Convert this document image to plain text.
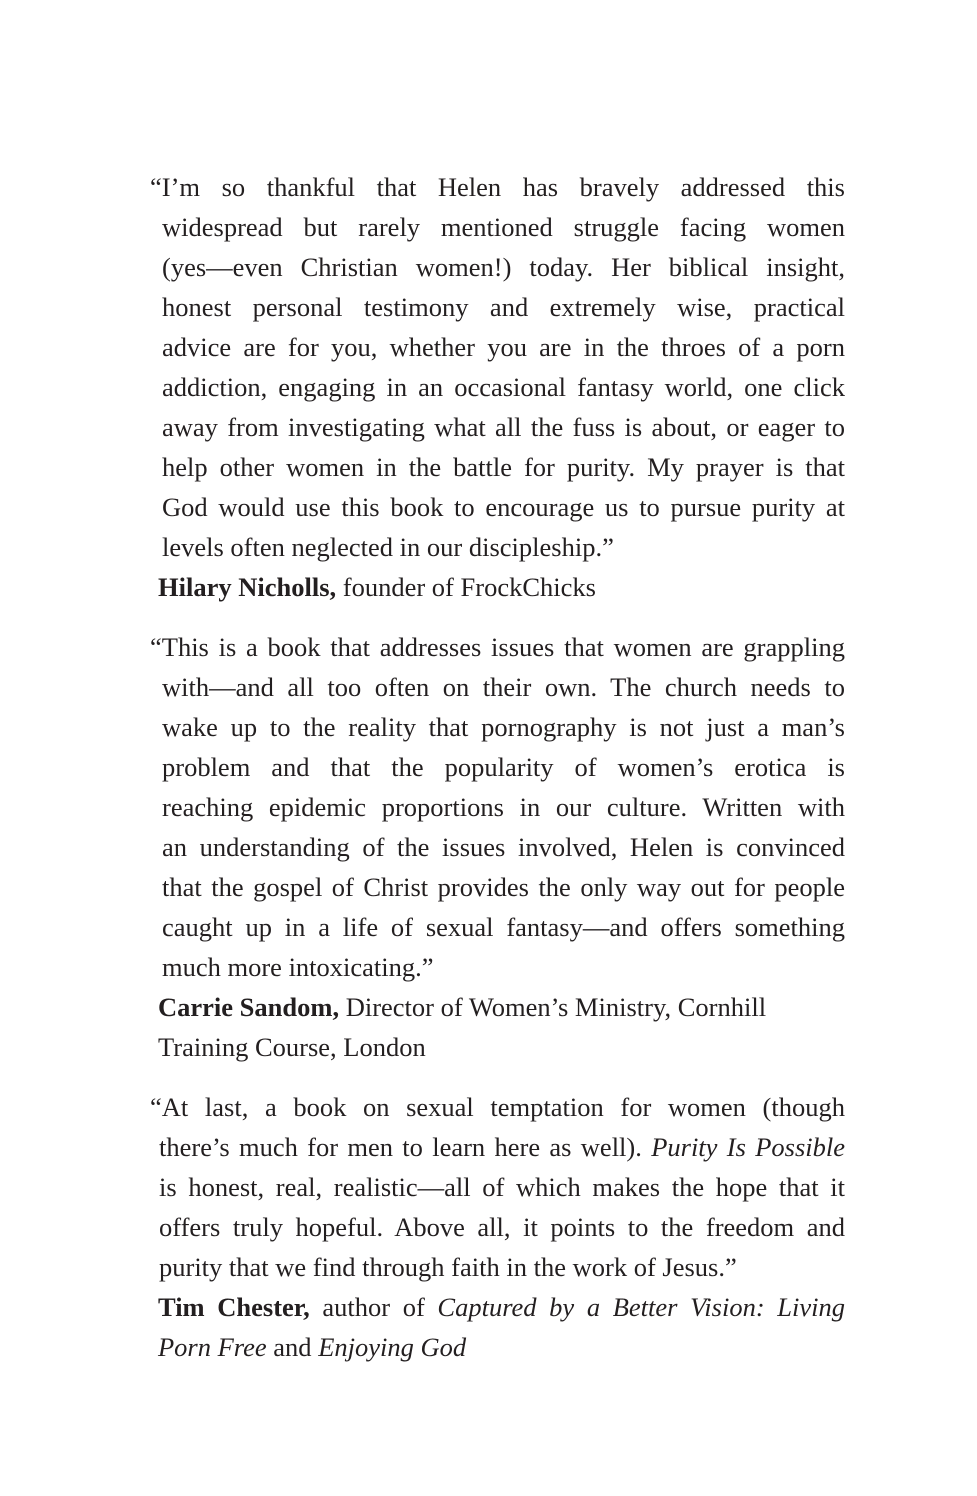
“I’m so thankful that Helen has bravely addressed this
widespread but rarely mentioned struggle facing women
(yes—even Christian women!) today. Her biblical insight,
honest personal testimony and extremely wise, practical
advice are for you, whether you are in the throes of a porn
addiction, engaging in an occasional fantasy world, one click
away from investigating what all the fuss is about, or eager to
help other women in the battle for purity. My prayer is that
God would use this book to encourage us to pursue purity at
levels often neglected in our discipleship.”
Hilary Nicholls, founder of FrockChicks
“This is a book that addresses issues that women are grappling
with—and all too often on their own. The church needs to
wake up to the reality that pornography is not just a man’s
problem and that the popularity of women’s erotica is
reaching epidemic proportions in our culture. Written with
an understanding of the issues involved, Helen is convinced
that the gospel of Christ provides the only way out for people
caught up in a life of sexual fantasy—and offers something
much more intoxicating.”
Carrie Sandom, Director of Women’s Ministry, Cornhill
Training Course, London
“At last, a book on sexual temptation for women (though
there’s much for men to learn here as well). Purity Is Possible
is honest, real, realistic—all of which makes the hope that it
offers truly hopeful. Above all, it points to the freedom and
purity that we find through faith in the work of Jesus.”
Tim Chester, author of Captured by a Better Vision: Living
Porn Free and Enjoying God
